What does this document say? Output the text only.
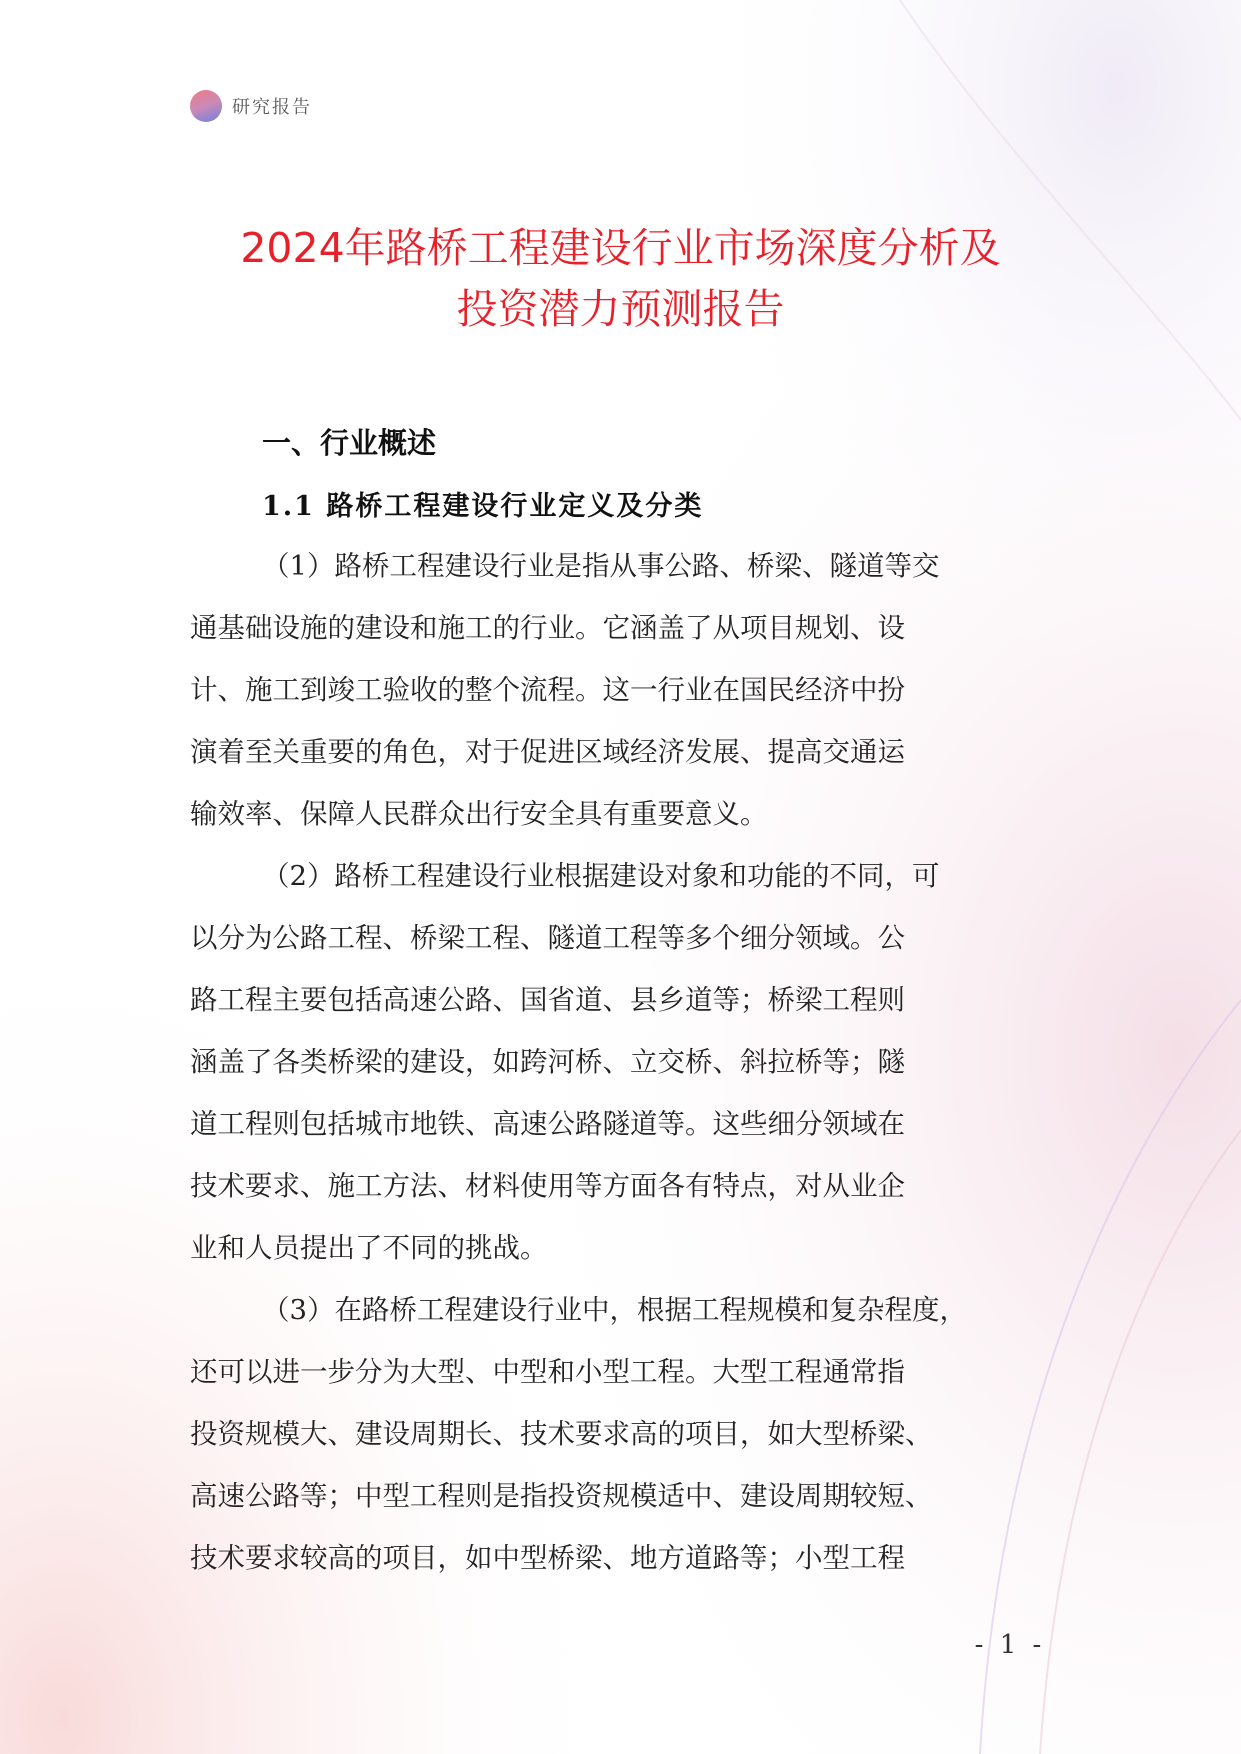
研究报告
2024年路桥工程建设行业市场深度分析及
投资潜力预测报告
一、行业概述
1.1 路桥工程建设行业定义及分类
（1）路桥工程建设行业是指从事公路、桥梁、隧道等交
通基础设施的建设和施工的行业。它涵盖了从项目规划、设
计、施工到竣工验收的整个流程。这一行业在国民经济中扮
演着至关重要的角色，对于促进区域经济发展、提高交通运
输效率、保障人民群众出行安全具有重要意义。
（2）路桥工程建设行业根据建设对象和功能的不同，可
以分为公路工程、桥梁工程、隧道工程等多个细分领域。公
路工程主要包括高速公路、国省道、县乡道等；桥梁工程则
涵盖了各类桥梁的建设，如跨河桥、立交桥、斜拉桥等；隧
道工程则包括城市地铁、高速公路隧道等。这些细分领域在
技术要求、施工方法、材料使用等方面各有特点，对从业企
业和人员提出了不同的挑战。
（3）在路桥工程建设行业中，根据工程规模和复杂程度，
还可以进一步分为大型、中型和小型工程。大型工程通常指
投资规模大、建设周期长、技术要求高的项目，如大型桥梁、
高速公路等；中型工程则是指投资规模适中、建设周期较短、
技术要求较高的项目，如中型桥梁、地方道路等；小型工程
- 1 -
